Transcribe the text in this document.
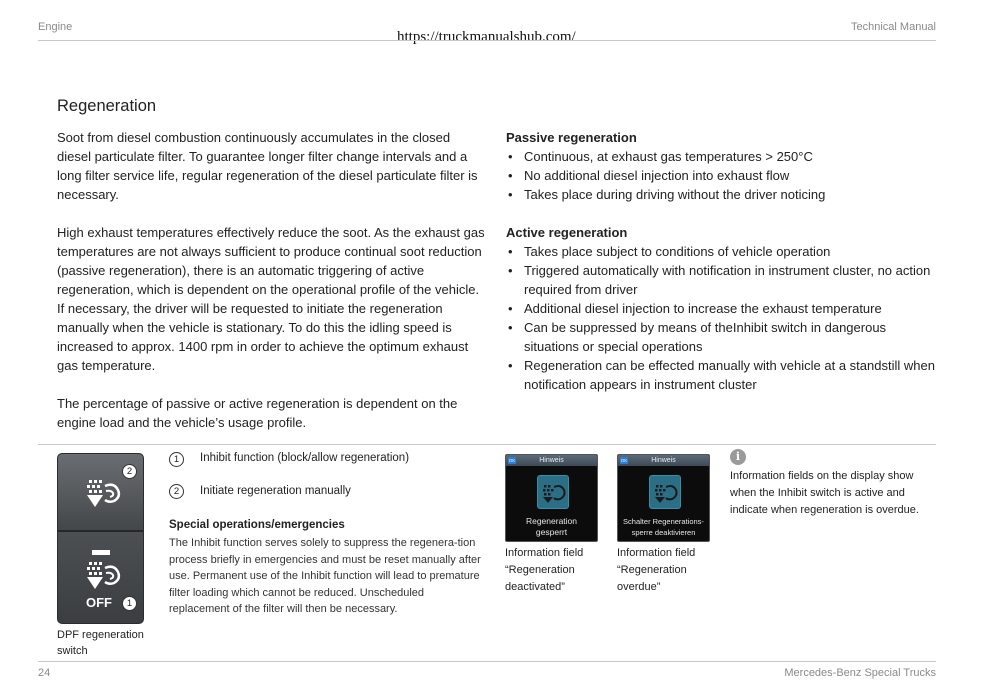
Engine
https://truckmanualshub.com/
Technical Manual
Regeneration

Soot from diesel combustion continuously accumulates in the closed diesel particulate filter. To guarantee longer filter change intervals and a long filter service life, regular regeneration of the diesel particulate filter is necessary.

High exhaust temperatures effectively reduce the soot. As the exhaust gas temperatures are not always sufficient to produce continual soot reduction (passive regeneration), there is an automatic triggering of active regeneration, which is dependent on the operational profile of the vehicle. If necessary, the driver will be requested to initiate the regeneration manually when the vehicle is stationary. To do this the idling speed is increased to approx. 1400 rpm in order to achieve the optimum exhaust gas temperature.

The percentage of passive or active regeneration is dependent on the engine load and the vehicle’s usage profile.

Passive regeneration
• Continuous, at exhaust gas temperatures > 250°C
• No additional diesel injection into exhaust flow
• Takes place during driving without the driver noticing
Active regeneration
• Takes place subject to conditions of vehicle operation
• Triggered automatically with notification in instrument cluster, no action required from driver
• Additional diesel injection to increase the exhaust temperature
• Can be suppressed by means of theInhibit switch in dangerous situations or special operations
• Regeneration can be effected manually with vehicle at a standstill when notification appears in instrument cluster
OFF
2
1
DPF regeneration switch
1	Inhibit function (block/allow regeneration)
2	Initiate regeneration manually
Special operations/emergencies
The Inhibit function serves solely to suppress the regenera-tion process briefly in emergencies and must be reset manually after use. Permanent use of the Inhibit function will lead to premature filter loading which cannot be reduced. Unscheduled replacement of the filter will then be necessary.
Hinweis
OK
Regeneration
gesperrt
Information field “Regeneration deactivated”
Hinweis
OK
Schalter Regenerations-
sperre deaktivieren
Information field “Regeneration overdue”
i
Information fields on the display show when the Inhibit switch is active and indicate when regeneration is overdue.
24	Mercedes-Benz Special Trucks
